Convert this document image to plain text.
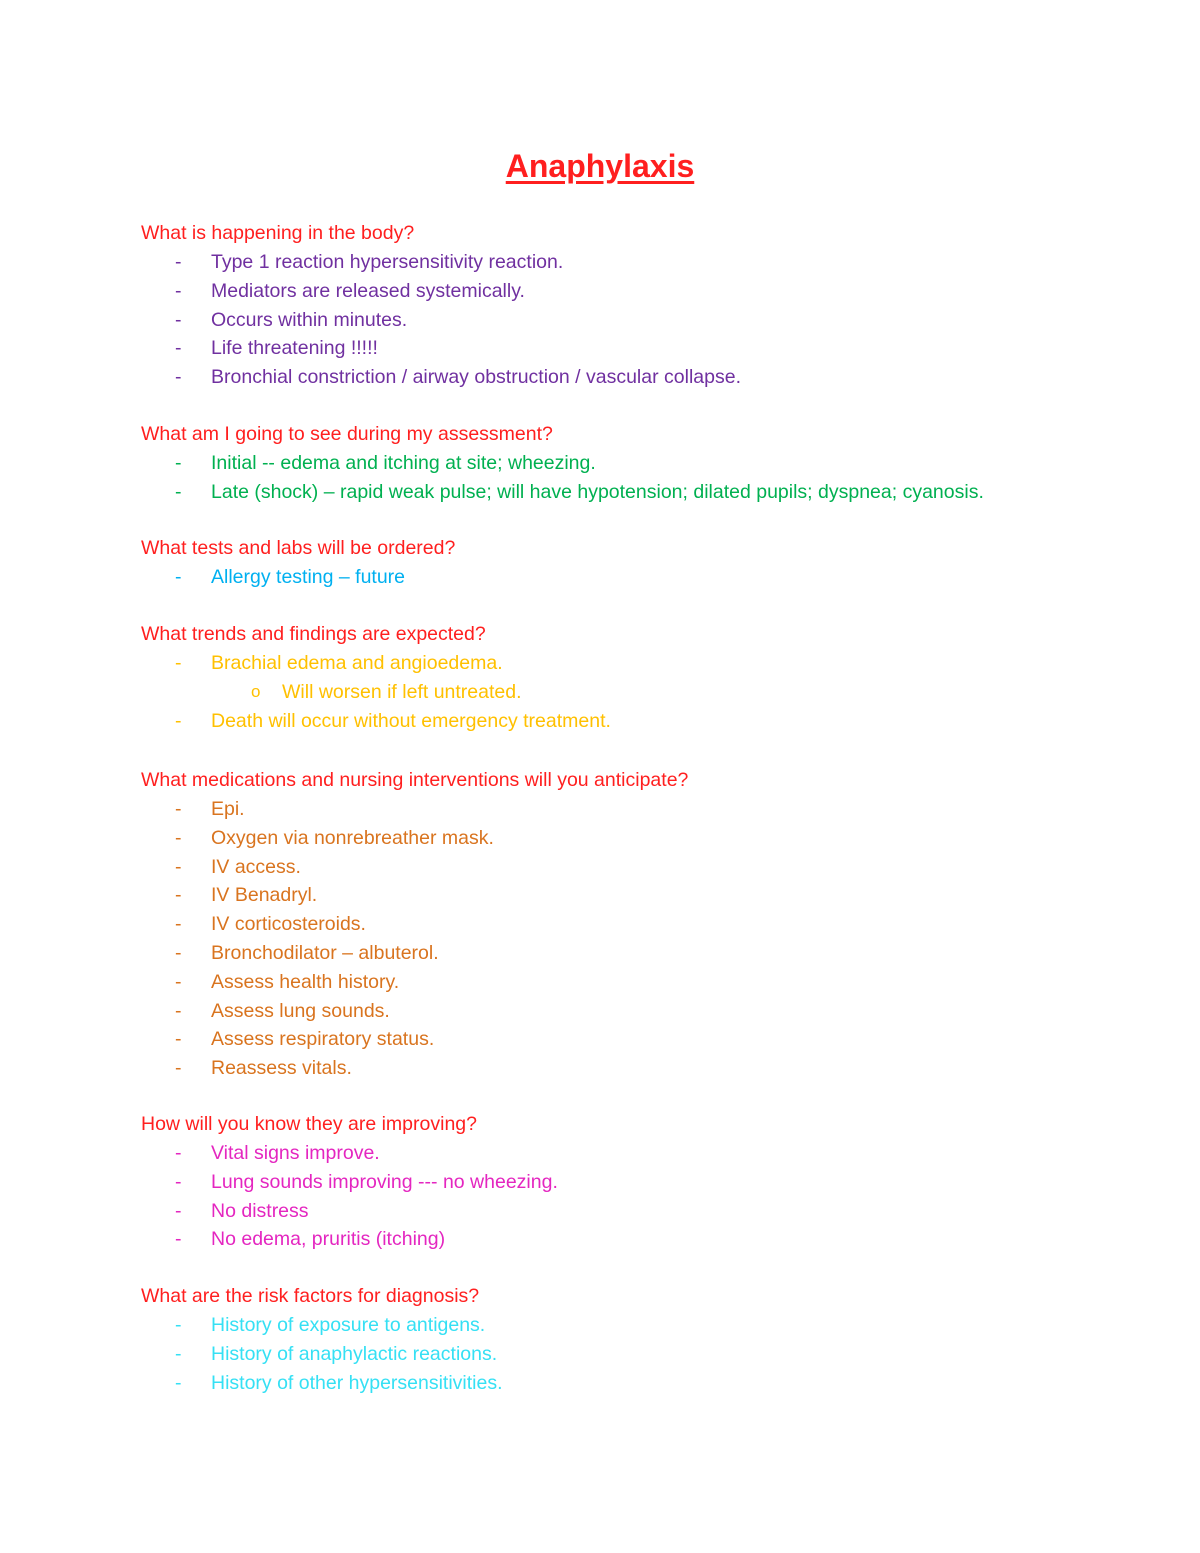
Anaphylaxis
What is happening in the body?
- Type 1 reaction hypersensitivity reaction.
- Mediators are released systemically.
- Occurs within minutes.
- Life threatening !!!!!
- Bronchial constriction / airway obstruction / vascular collapse.
What am I going to see during my assessment?
- Initial -- edema and itching at site; wheezing.
- Late (shock) – rapid weak pulse; will have hypotension; dilated pupils; dyspnea; cyanosis.
What tests and labs will be ordered?
- Allergy testing – future
What trends and findings are expected?
- Brachial edema and angioedema.
o Will worsen if left untreated.
- Death will occur without emergency treatment.
What medications and nursing interventions will you anticipate?
- Epi.
- Oxygen via nonrebreather mask.
- IV access.
- IV Benadryl.
- IV corticosteroids.
- Bronchodilator – albuterol.
- Assess health history.
- Assess lung sounds.
- Assess respiratory status.
- Reassess vitals.
How will you know they are improving?
- Vital signs improve.
- Lung sounds improving --- no wheezing.
- No distress
- No edema, pruritis (itching)
What are the risk factors for diagnosis?
- History of exposure to antigens.
- History of anaphylactic reactions.
- History of other hypersensitivities.
